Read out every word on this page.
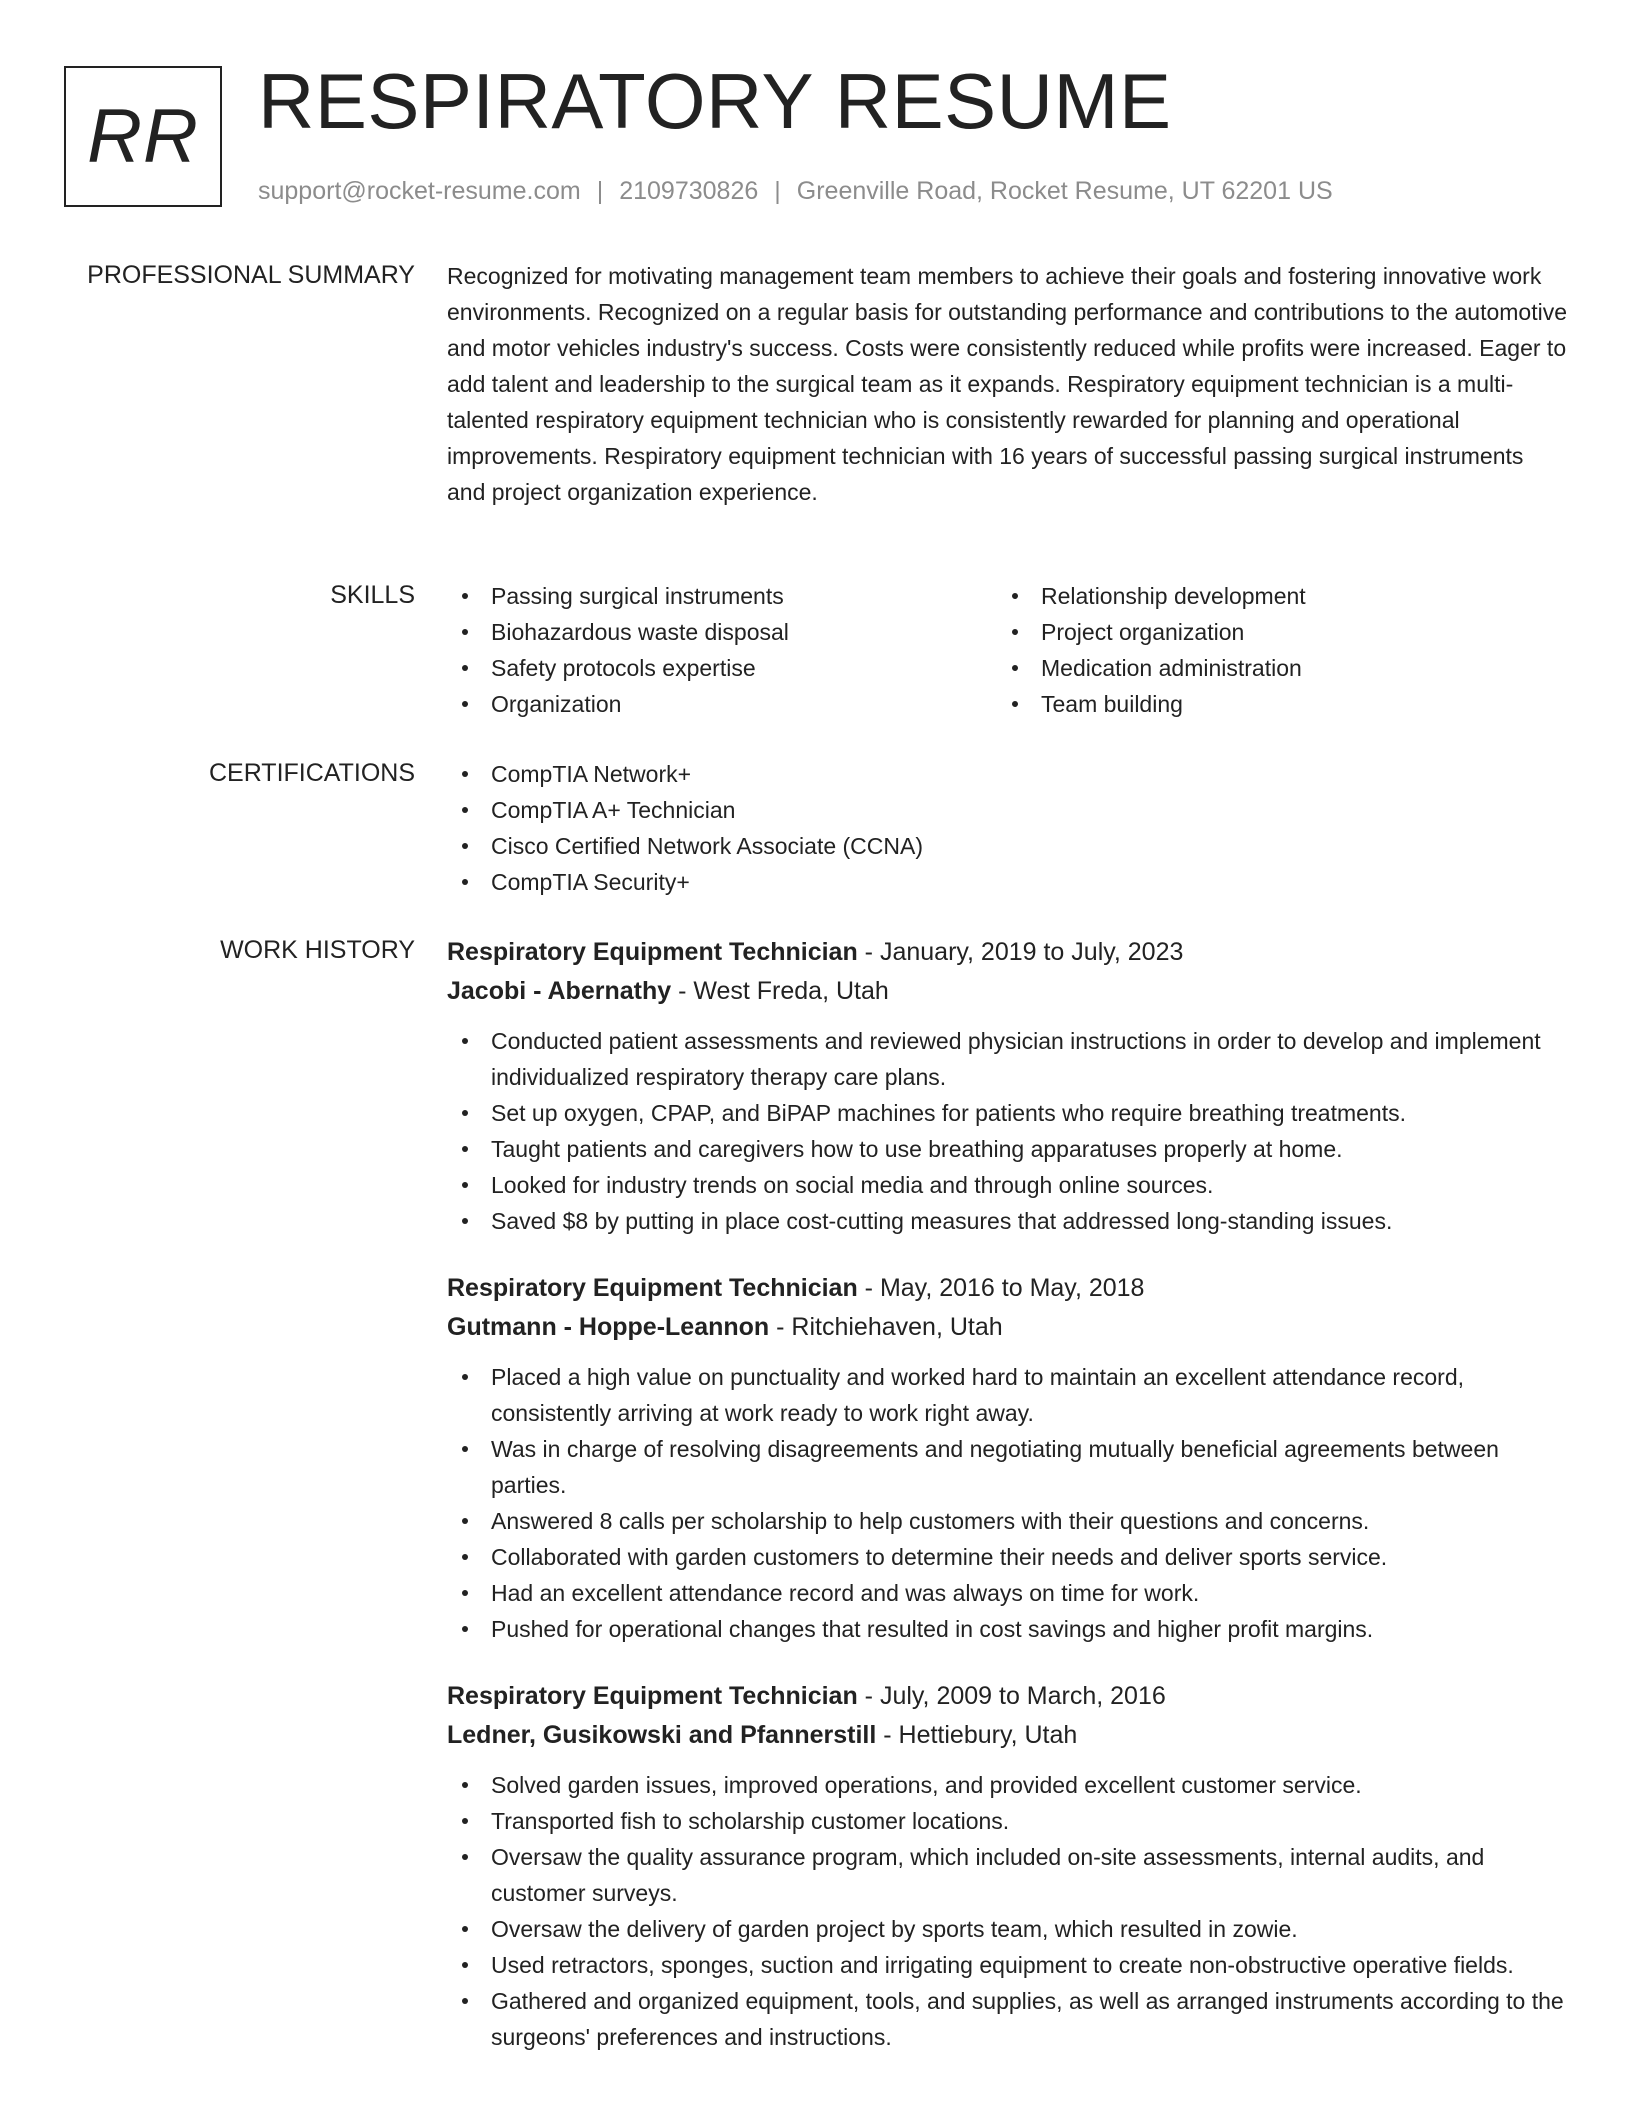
RR RESPIRATORY RESUME
support@rocket-resume.com | 2109730826 | Greenville Road, Rocket Resume, UT 62201 US
PROFESSIONAL SUMMARY Recognized for motivating management team members to achieve their goals and fostering innovative work environments. Recognized on a regular basis for outstanding performance and contributions to the automotive and motor vehicles industry's success. Costs were consistently reduced while profits were increased. Eager to add talent and leadership to the surgical team as it expands. Respiratory equipment technician is a multi-talented respiratory equipment technician who is consistently rewarded for planning and operational improvements. Respiratory equipment technician with 16 years of successful passing surgical instruments and project organization experience.

SKILLS	Passing surgical instruments
Biohazardous waste disposal
Safety protocols expertise
Organization
Relationship development
Project organization
Medication administration
Team building
CERTIFICATIONS	CompTIA Network+
CompTIA A+ Technician
Cisco Certified Network Associate (CCNA)
CompTIA Security+
WORK HISTORY Respiratory Equipment Technician - January, 2019 to July, 2023
Jacobi - Abernathy - West Freda, Utah
Conducted patient assessments and reviewed physician instructions in order to develop and implement individualized respiratory therapy care plans.
Set up oxygen, CPAP, and BiPAP machines for patients who require breathing treatments.
Taught patients and caregivers how to use breathing apparatuses properly at home.
Looked for industry trends on social media and through online sources.
Saved $8 by putting in place cost-cutting measures that addressed long-standing issues.
Respiratory Equipment Technician - May, 2016 to May, 2018
Gutmann - Hoppe-Leannon - Ritchiehaven, Utah
Placed a high value on punctuality and worked hard to maintain an excellent attendance record, consistently arriving at work ready to work right away.
Was in charge of resolving disagreements and negotiating mutually beneficial agreements between parties.
Answered 8 calls per scholarship to help customers with their questions and concerns.
Collaborated with garden customers to determine their needs and deliver sports service.
Had an excellent attendance record and was always on time for work.
Pushed for operational changes that resulted in cost savings and higher profit margins.
Respiratory Equipment Technician - July, 2009 to March, 2016
Ledner, Gusikowski and Pfannerstill - Hettiebury, Utah
Solved garden issues, improved operations, and provided excellent customer service.
Transported fish to scholarship customer locations.
Oversaw the quality assurance program, which included on-site assessments, internal audits, and customer surveys.
Oversaw the delivery of garden project by sports team, which resulted in zowie.
Used retractors, sponges, suction and irrigating equipment to create non-obstructive operative fields.
Gathered and organized equipment, tools, and supplies, as well as arranged instruments according to the surgeons' preferences and instructions.
